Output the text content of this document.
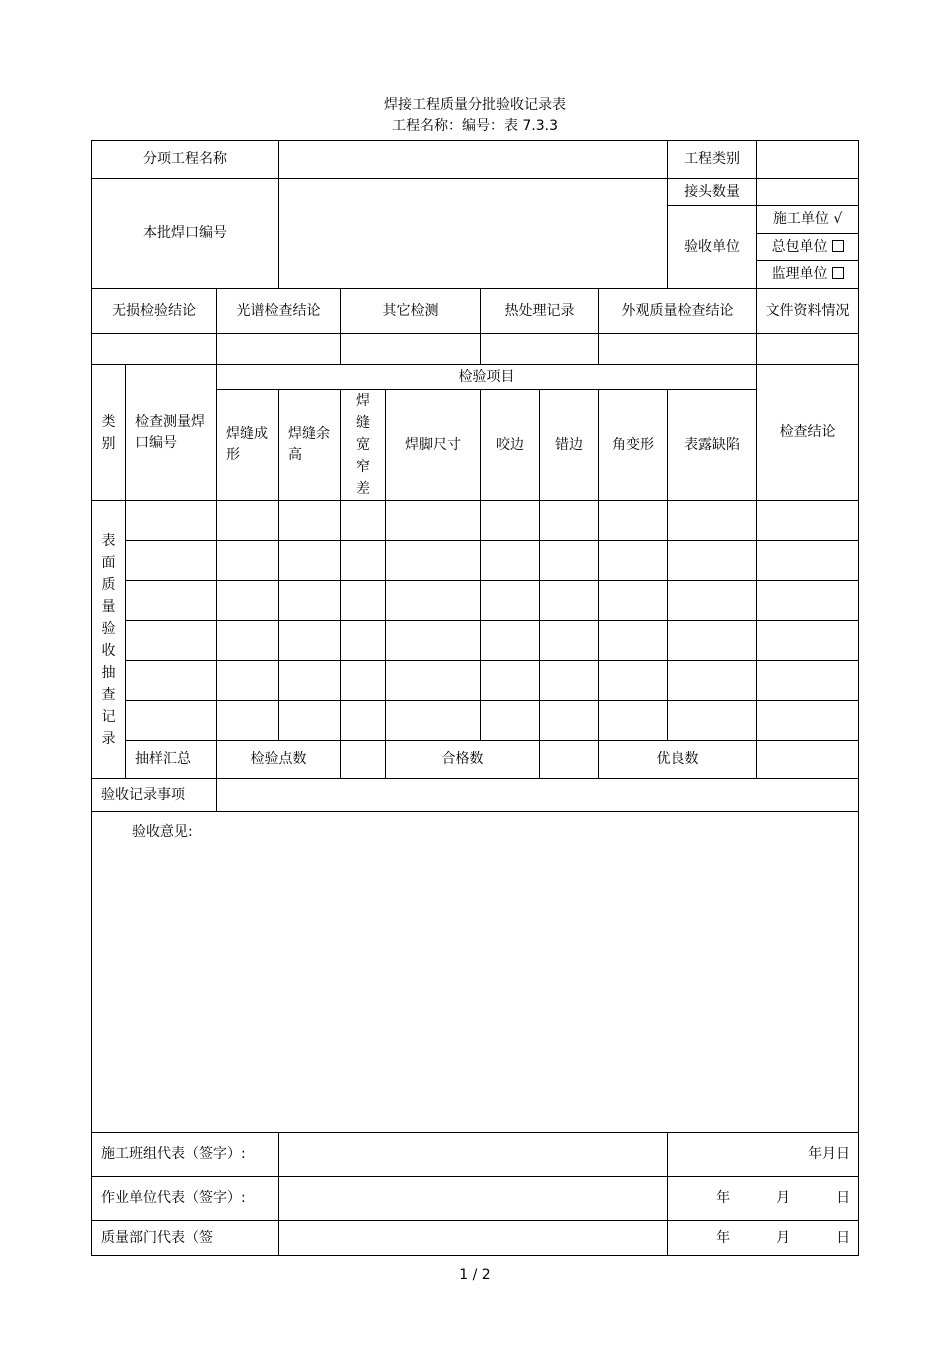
焊接工程质量分批验收记录表
工程名称：编号：表 7.3.3
分项工程名称									工程类别	
本批焊口编号									接头数量	
									验收单位	施工单位 √
										总包单位
										监理单位
无损检验结论		光谱检查结论		其它检测		热处理记录		外观质量检查结论		文件资料情况

类别	检查测量焊口编号	检验项目								检查结论
		焊缝成形	焊缝余高	焊缝宽窄差	焊脚尺寸	咬边	错边	角变形	表露缺陷	
表面质量验收抽查记录										

	抽样汇总	检验点数			合格数			优良数		
验收记录事项										
验收意见:										
施工班组代表（签字）:									年月日	
作业单位代表（签字）:									年 月 日	
质量部门代表（签									年 月 日	
1 / 2
